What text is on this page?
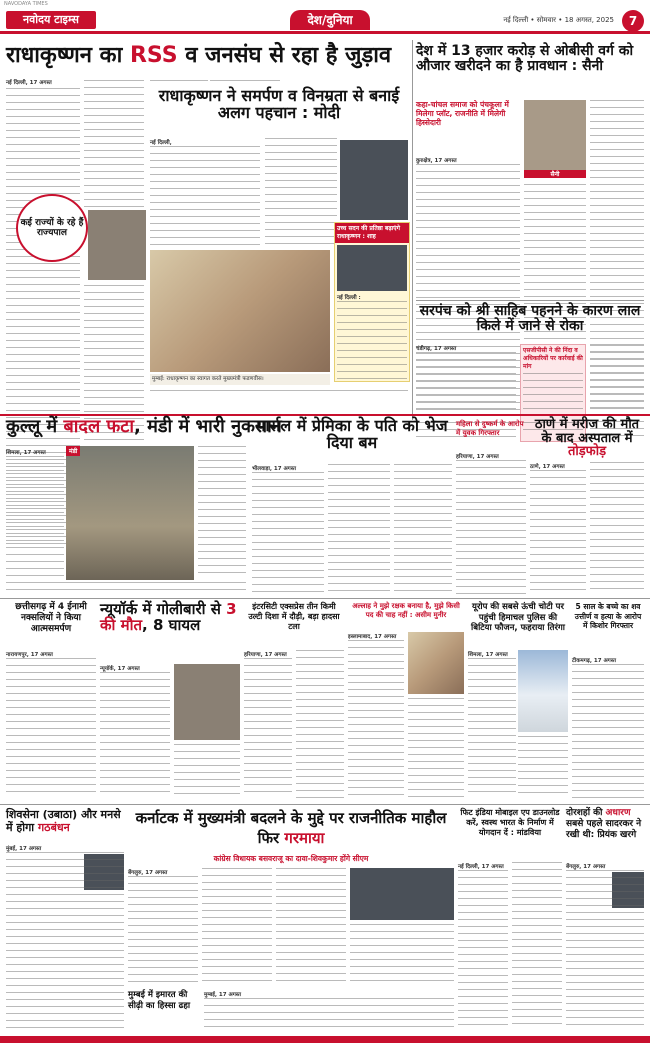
NAVODAYA TIMES
नवोदय टाइम्स	देश/दुनिया	नई दिल्ली • सोमवार • 18 अगस्त, 2025	7
राधाकृष्णन का RSS व जनसंघ से रहा है जुड़ाव
नई दिल्ली, 17 अगस्त
कई राज्यों के रहे हैं राज्यपाल
राधाकृष्णन ने समर्पण व विनम्रता से बनाई अलग पहचान : मोदी
नई दिल्ली,
मुम्बई: राधाकृष्णन का स्वागत करते मुख्यमंत्री फडणवीस।
उच्च सदन की प्रतिष्ठा बढ़ाएंगे राधाकृष्णन : शाह
नई दिल्ली :
देश में 13 हजार करोड़ से ओबीसी वर्ग को औजार खरीदने का है प्रावधान : सैनी
कहा-चांचल समाज को पंचकूला में मिलेगा प्लॉट, राजनीति में मिलेगी हिस्सेदारी
कुरुक्षेत्र, 17 अगस्त
सैनी
सरपंच को श्री साहिब पहनने के कारण लाल किले में जाने से रोका
चंडीगढ़, 17 अगस्त	एसजीपीसी ने की निंदा व अधिकारियों पर कार्रवाई की मांग
कुल्लू में बादल फटा, मंडी में भारी नुकसान
शिमला, 17 अगस्त	मंडी
पार्सल में प्रेमिका के पति को भेज दिया बम
भीलवाड़ा, 17 अगस्त
महिला से दुष्कर्म के आरोप में युवक गिरफ्तार
हरियाणा, 17 अगस्त
ठाणे में मरीज की मौत के बाद अस्पताल में तोड़फोड़
ठाणे, 17 अगस्त
छत्तीसगढ़ में 4 ईनामी नक्सलियों ने किया आत्मसमर्पण
नारायणपुर, 17 अगस्त
न्यूयॉर्क में गोलीबारी से 3 की मौत, 8 घायल
न्यूयॉर्क, 17 अगस्त
इंटरसिटी एक्सप्रेस तीन किमी उल्टी दिशा में दौड़ी, बड़ा हादसा टला
हरियाणा, 17 अगस्त
अल्लाह ने मुझे रक्षक बनाया है, मुझे किसी पद की चाह नहीं : असीम मुनीर
इस्लामाबाद, 17 अगस्त
यूरोप की सबसे ऊंची चोटी पर पहुंची हिमाचल पुलिस की बिटिया फौजन, फहराया तिरंगा
शिमला, 17 अगस्त
5 साल के बच्चे का शव उत्तीर्ण व हत्या के आरोप में किशोर गिरफ्तार
टीकमगढ़, 17 अगस्त
शिवसेना (उबाठा) और मनसे में होगा गठबंधन
मुंबई, 17 अगस्त
कर्नाटक में मुख्यमंत्री बदलने के मुद्दे पर राजनीतिक माहौल फिर गरमाया
कांग्रेस विधायक बसवराजू का दावा-शिवकुमार होंगे सीएम
बेंगलुरु, 17 अगस्त
मुम्बई में इमारत की सीढ़ी का हिस्सा ढहा
मुम्बई, 17 अगस्त
फिट इंडिया मोबाइल एप डाउनलोड करें, स्वस्थ भारत के निर्माण में योगदान दें : मांडविया
नई दिल्ली, 17 अगस्त
दोरशहों की अधारण सबसे पहले सादरकर ने रखी थी: प्रियंक खरगे
बेंगलुरु, 17 अगस्त
